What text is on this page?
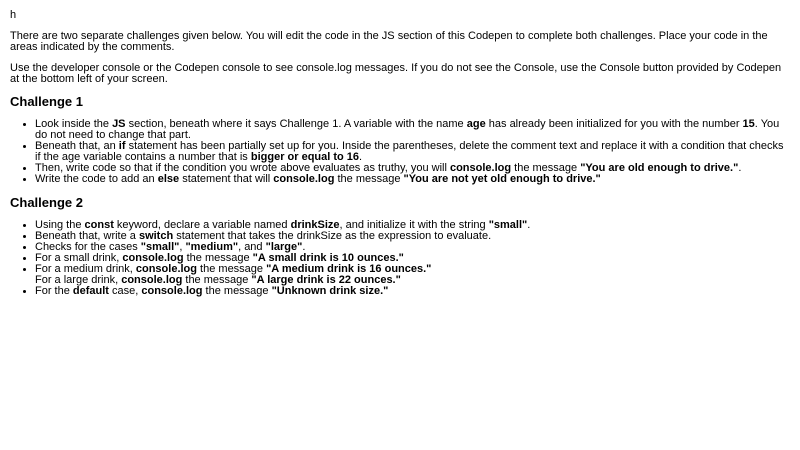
h

There are two separate challenges given below. You will edit the code in the JS section of this Codepen to complete both challenges. Place your code in the areas indicated by the comments.

Use the developer console or the Codepen console to see console.log messages. If you do not see the Console, use the Console button provided by Codepen at the bottom left of your screen.

Challenge 1
• Look inside the JS section, beneath where it says Challenge 1. A variable with the name age has already been initialized for you with the number 15. You do not need to change that part.
• Beneath that, an if statement has been partially set up for you. Inside the parentheses, delete the comment text and replace it with a condition that checks if the age variable contains a number that is bigger or equal to 16.
• Then, write code so that if the condition you wrote above evaluates as truthy, you will console.log the message "You are old enough to drive.".
• Write the code to add an else statement that will console.log the message "You are not yet old enough to drive."
Challenge 2
• Using the const keyword, declare a variable named drinkSize, and initialize it with the string "small".
• Beneath that, write a switch statement that takes the drinkSize as the expression to evaluate.
• Checks for the cases "small", "medium", and "large".
• For a small drink, console.log the message "A small drink is 10 ounces."
• For a medium drink, console.log the message "A medium drink is 16 ounces."
For a large drink, console.log the message "A large drink is 22 ounces."
• For the default case, console.log the message "Unknown drink size."
